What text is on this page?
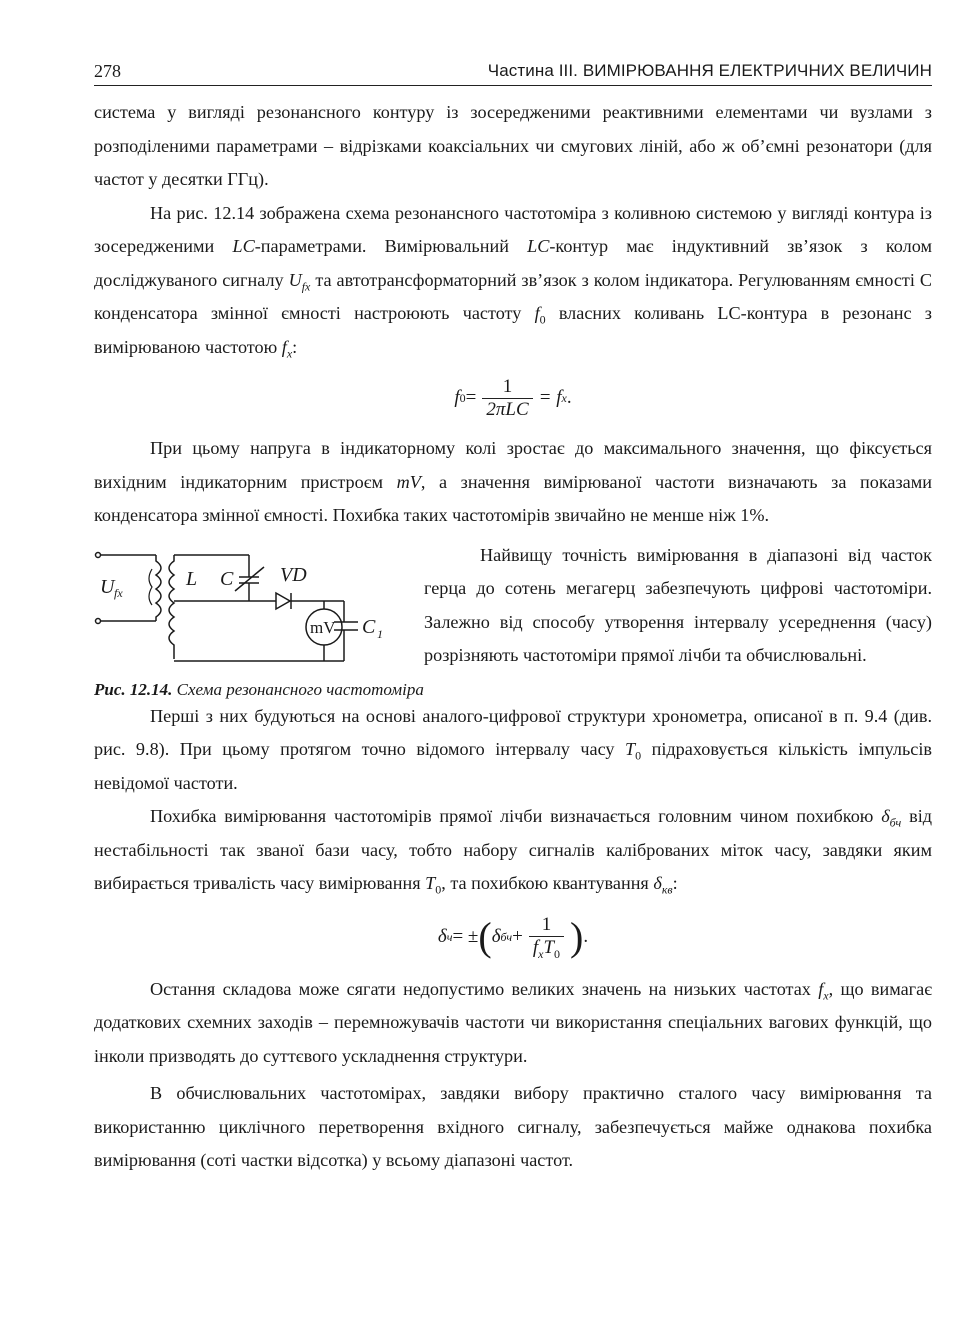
278	Частина ІІІ. ВИМІРЮВАННЯ ЕЛЕКТРИЧНИХ ВЕЛИЧИН

система у вигляді резонансного контуру із зосередженими реактивними елементами чи вузлами з розподіленими параметрами – відрізками коаксіальних чи смугових ліній, або ж об’ємні резонатори (для частот у десятки ГГц).

На рис. 12.14 зображена схема резонансного частотоміра з коливною системою у вигляді контура із зосередженими LC-параметрами. Вимірювальний LC-контур має індуктивний зв’язок з колом досліджуваного сигналу $U_{fx}$ та автотрансформаторний зв’язок з колом індикатора. Регулюванням ємності С конденсатора змінної ємності настроюють частоту $f_0$ власних коливань LC-контура в резонанс з вимірюваною частотою $f_x$:

f $0 = \frac{1}{\text{2πLC}} = f$ x .

При цьому напруга в індикаторному колі зростає до максимального значення, що фіксується вихідним індикаторним пристроєм mV, а значення вимірюваної частоти визначають за показами конденсатора змінної ємності. Похибка таких частотомірів звичайно не менше ніж 1%.

U fx
L C VD
mV C 1
Рис. 12.14. Схема резонансного частотоміра

Найвищу точність вимірювання в діапазоні від часток герца до сотень мегагерц забезпечують цифрові частотоміри. Залежно від способу утворення інтервалу усереднення (часу) розрізняють частотоміри прямої лічби та обчислювальні.

Перші з них будуються на основі аналого-цифрової структури хронометра, описаної в п. 9.4 (див. рис. 9.8). При цьому протягом точно відомого інтервалу часу $T_0$ підраховується кількість імпульсів невідомої частоти.

Похибка вимірювання частотомірів прямої лічби визначається головним чином похибкою $\delta_{бч}$ від нестабільності так званої бази часу, тобто набору сигналів каліброваних міток часу, завдяки яким вибирається тривалість часу вимірювання $T_0$, та похибкою квантування $\delta_{кв}$:

δ ч = ± ( δ бч + $\frac{1}{f_xT_0}$ ) .

Остання складова може сягати недопустимо великих значень на низьких частотах $f_x$, що вимагає додаткових схемних заходів – перемножувачів частоти чи використання спеціальних вагових функцій, що інколи призводять до суттєвого ускладнення структури.

В обчислювальних частотомірах, завдяки вибору практично сталого часу вимірювання та використанню циклічного перетворення вхідного сигналу, забезпечується майже однакова похибка вимірювання (соті частки відсотка) у всьому діапазоні частот.
